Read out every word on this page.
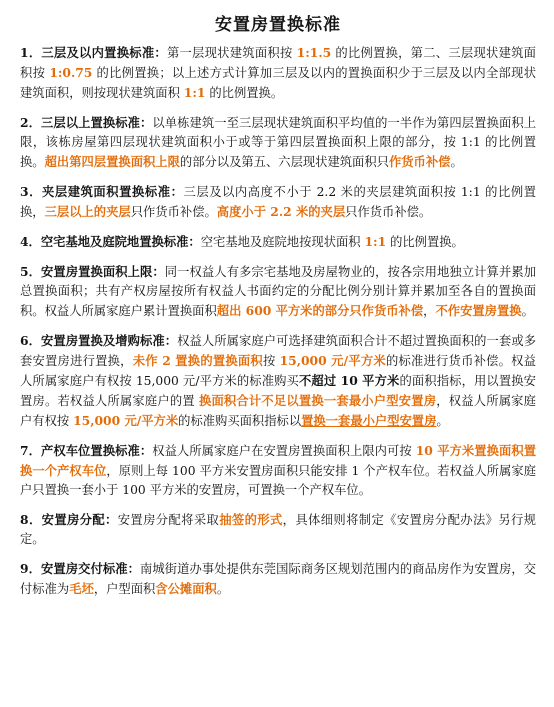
安置房置换标准

1．三层及以内置换标准：第一层现状建筑面积按 1:1.5 的比例置换，第二、三层现状建筑面积按 1:0.75 的比例置换；以上述方式计算加三层及以内的置换面积少于三层及以内全部现状建筑面积，则按现状建筑面积 1:1 的比例置换。

2．三层以上置换标准：以单栋建筑一至三层现状建筑面积平均值的一半作为第四层置换面积上限，该栋房屋第四层现状建筑面积小于或等于第四层置换面积上限的部分，按 1:1 的比例置换。超出第四层置换面积上限的部分以及第五、六层现状建筑面积只作货币补偿。

3．夹层建筑面积置换标准：三层及以内高度不小于 2.2 米的夹层建筑面积按 1:1 的比例置换，三层以上的夹层只作货币补偿。高度小于 2.2 米的夹层只作货币补偿。

4．空宅基地及庭院地置换标准：空宅基地及庭院地按现状面积 1:1 的比例置换。

5．安置房置换面积上限：同一权益人有多宗宅基地及房屋物业的，按各宗用地独立计算并累加总置换面积；共有产权房屋按所有权益人书面约定的分配比例分别计算并累加至各自的置换面积。权益人所属家庭户累计置换面积超出 600 平方米的部分只作货币补偿，不作安置房置换。

6．安置房置换及增购标准：权益人所属家庭户可选择建筑面积合计不超过置换面积的一套或多套安置房进行置换，未作 2 置换的置换面积按 15,000 元/平方米的标准进行货币补偿。权益人所属家庭户有权按 15,000 元/平方米的标准购买不超过 10 平方米的面积指标，用以置换安置房。若权益人所属家庭户的置 换面积合计不足以置换一套最小户型安置房，权益人所属家庭户有权按 15,000 元/平方米的标准购买面积指标以置换一套最小户型安置房。

7．产权车位置换标准：权益人所属家庭户在安置房置换面积上限内可按 10 平方米置换面积置换一个产权车位，原则上每 100 平方米安置房面积只能安排 1 个产权车位。若权益人所属家庭户只置换一套小于 100 平方米的安置房，可置换一个产权车位。

8．安置房分配：安置房分配将采取抽签的形式，具体细则将制定《安置房分配办法》另行规定。

9．安置房交付标准：南城街道办事处提供东莞国际商务区规划范围内的商品房作为安置房，交付标准为毛坯，户型面积含公摊面积。
